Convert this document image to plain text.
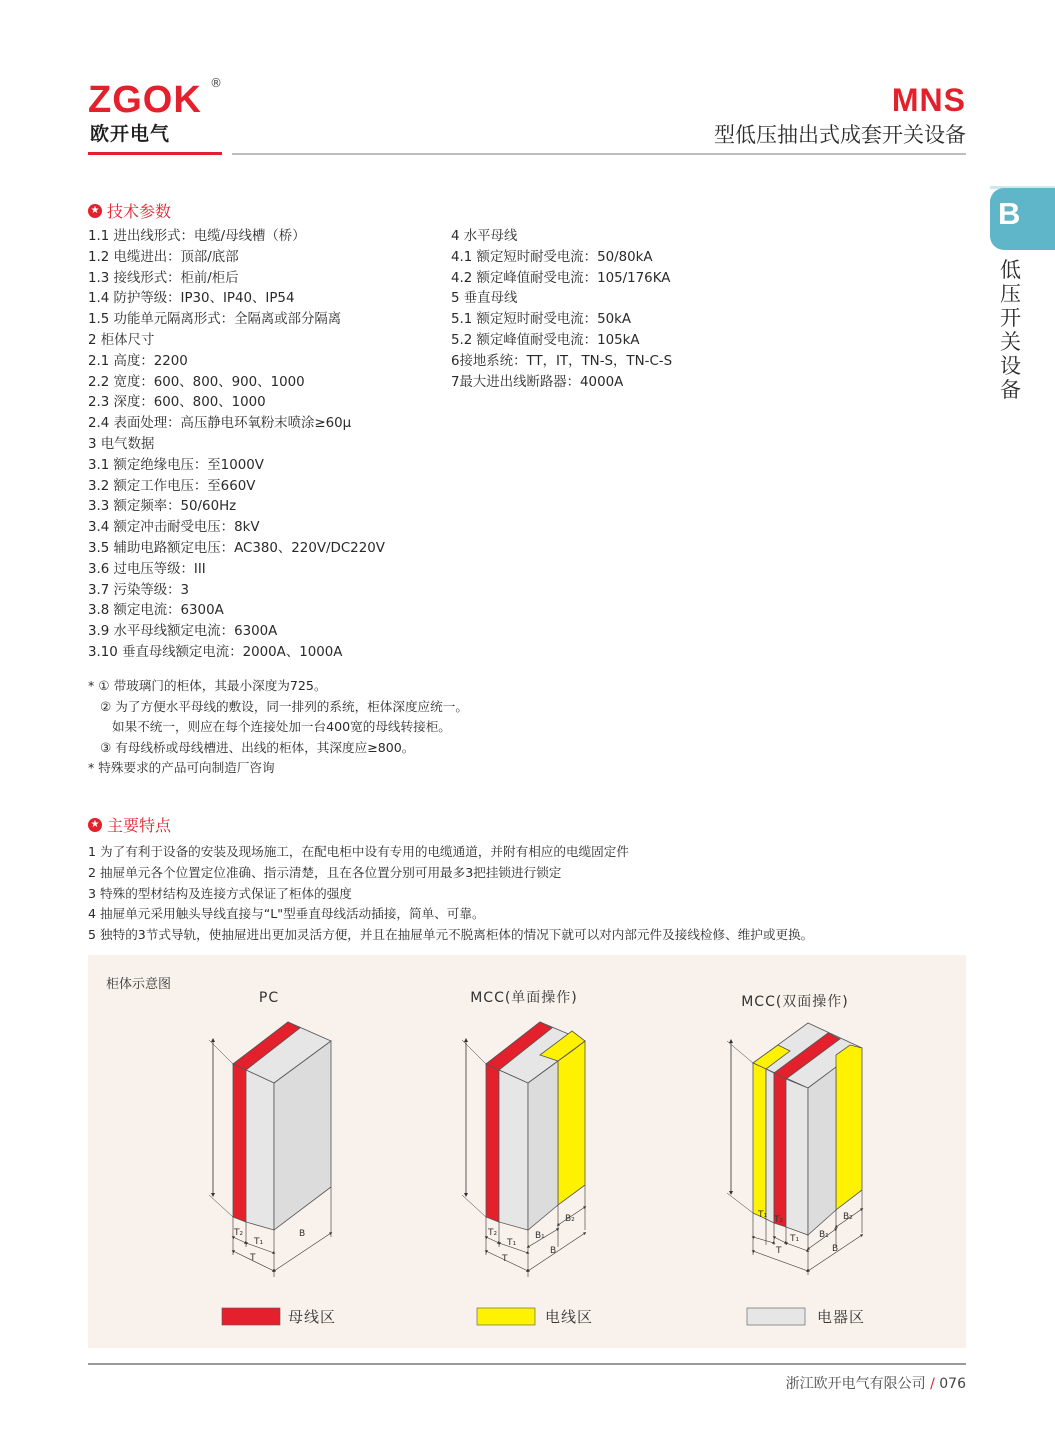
ZGOK ®
欧开电气
MNS
型低压抽出式成套开关设备
B
低压开关设备
★ 技术参数
1.1 进出线形式：电缆/母线槽（桥）
1.2 电缆进出：顶部/底部
1.3 接线形式：柜前/柜后
1.4 防护等级：IP30、IP40、IP54
1.5 功能单元隔离形式：全隔离或部分隔离
2 柜体尺寸
2.1 高度：2200
2.2 宽度：600、800、900、1000
2.3 深度：600、800、1000
2.4 表面处理：高压静电环氧粉末喷涂≥60μ
3 电气数据
3.1 额定绝缘电压：至1000V
3.2 额定工作电压：至660V
3.3 额定频率：50/60Hz
3.4 额定冲击耐受电压：8kV
3.5 辅助电路额定电压：AC380、220V/DC220V
3.6 过电压等级：III
3.7 污染等级：3
3.8 额定电流：6300A
3.9 水平母线额定电流：6300A
3.10 垂直母线额定电流：2000A、1000A
4 水平母线
4.1 额定短时耐受电流：50/80kA
4.2 额定峰值耐受电流：105/176KA
5 垂直母线
5.1 额定短时耐受电流：50kA
5.2 额定峰值耐受电流：105kA
6接地系统：TT，IT，TN-S，TN-C-S
7最大进出线断路器：4000A
* ① 带玻璃门的柜体，其最小深度为725。
② 为了方便水平母线的敷设，同一排列的系统，柜体深度应统一。
如果不统一，则应在每个连接处加一台400宽的母线转接柜。
③ 有母线桥或母线槽进、出线的柜体，其深度应≥800。
* 特殊要求的产品可向制造厂咨询
★ 主要特点
1 为了有利于设备的安装及现场施工，在配电柜中设有专用的电缆通道，并附有相应的电缆固定件
2 抽屉单元各个位置定位准确、指示清楚，且在各位置分别可用最多3把挂锁进行锁定
3 特殊的型材结构及连接方式保证了柜体的强度
4 抽屉单元采用触头导线直接与“L"型垂直母线活动插接，简单、可靠。
5 独特的3节式导轨，使抽屉进出更加灵活方便，并且在抽屉单元不脱离柜体的情况下就可以对内部元件及接线检修、维护或更换。
柜体示意图
PC
T₂
T₁
T
B
MCC(单面操作)
T₂
T₁
T
B₁
B₂
B
MCC(双面操作)
T₁ T₂
T₁
T
B₁
B₂
B
母线区	电线区	电器区
浙江欧开电气有限公司 / 076
